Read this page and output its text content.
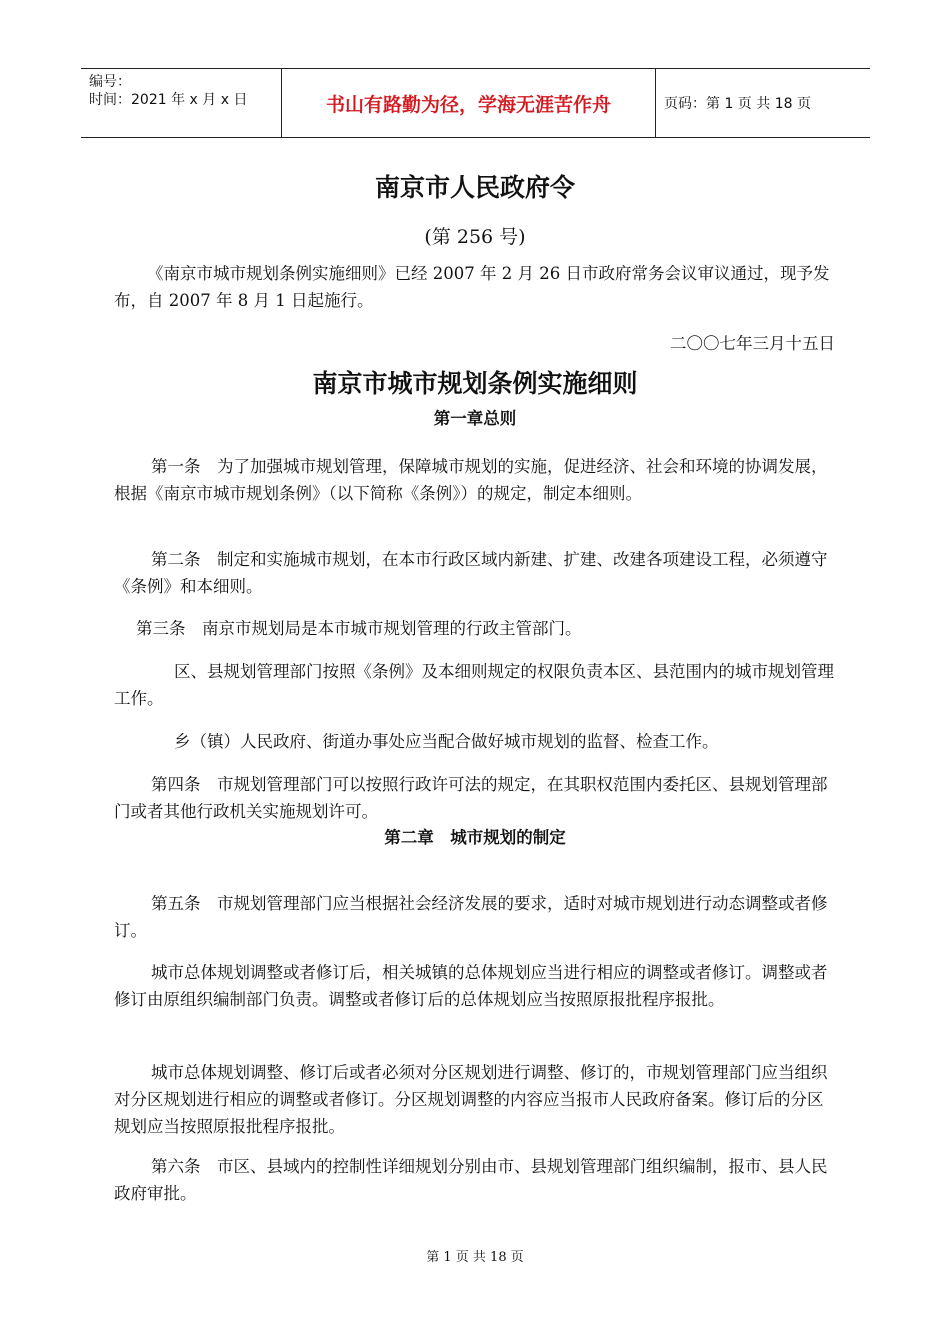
编号：
时间：2021 年 x 月 x 日	书山有路勤为径，学海无涯苦作舟	页码：第 1 页 共 18 页
南京市人民政府令
(第 256 号)
《南京市城市规划条例实施细则》已经 2007 年 2 月 26 日市政府常务会议审议通过，现予发布，自 2007 年 8 月 1 日起施行。
二〇〇七年三月十五日
南京市城市规划条例实施细则
第一章总则
第一条　为了加强城市规划管理，保障城市规划的实施，促进经济、社会和环境的协调发展，根据《南京市城市规划条例》（以下简称《条例》）的规定，制定本细则。
第二条　制定和实施城市规划，在本市行政区域内新建、扩建、改建各项建设工程，必须遵守《条例》和本细则。
第三条　南京市规划局是本市城市规划管理的行政主管部门。
区、县规划管理部门按照《条例》及本细则规定的权限负责本区、县范围内的城市规划管理工作。
乡（镇）人民政府、街道办事处应当配合做好城市规划的监督、检查工作。
第四条　市规划管理部门可以按照行政许可法的规定，在其职权范围内委托区、县规划管理部门或者其他行政机关实施规划许可。
第二章　城市规划的制定
第五条　市规划管理部门应当根据社会经济发展的要求，适时对城市规划进行动态调整或者修订。
城市总体规划调整或者修订后，相关城镇的总体规划应当进行相应的调整或者修订。调整或者修订由原组织编制部门负责。调整或者修订后的总体规划应当按照原报批程序报批。
城市总体规划调整、修订后或者必须对分区规划进行调整、修订的，市规划管理部门应当组织对分区规划进行相应的调整或者修订。分区规划调整的内容应当报市人民政府备案。修订后的分区规划应当按照原报批程序报批。
第六条　市区、县域内的控制性详细规划分别由市、县规划管理部门组织编制，报市、县人民政府审批。
第 1 页 共 18 页
